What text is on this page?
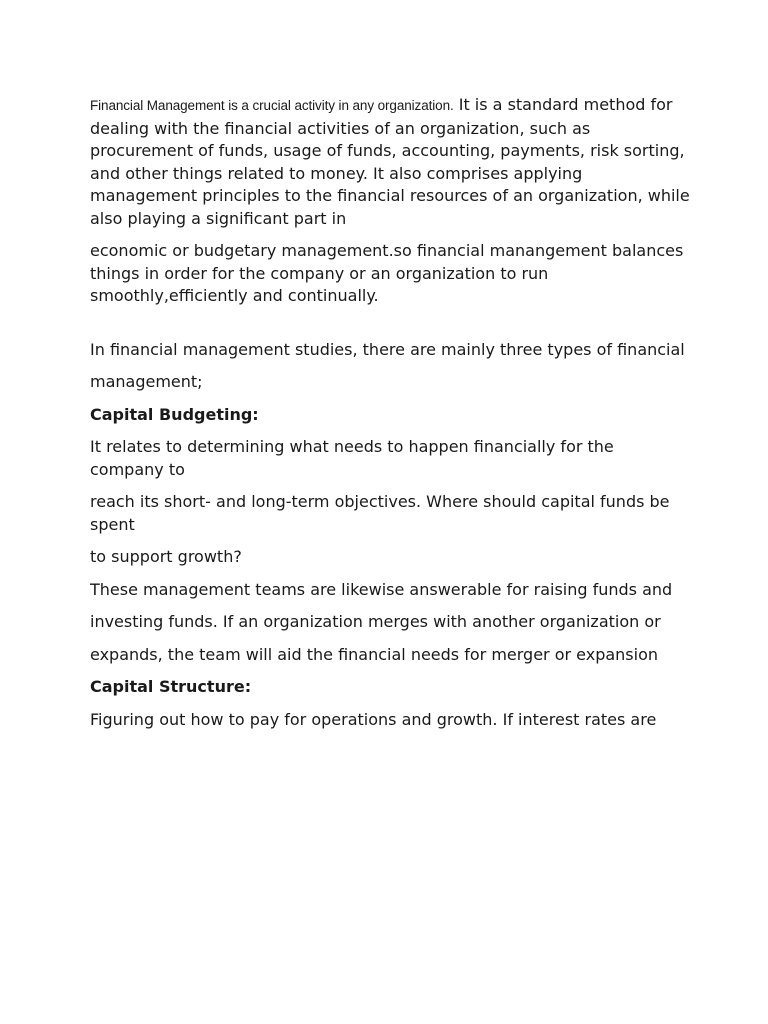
Financial Management is a crucial activity in any organization. It is a standard method for dealing with the financial activities of an organization, such as procurement of funds, usage of funds, accounting, payments, risk sorting, and other things related to money. It also comprises applying management principles to the financial resources of an organization, while also playing a significant part in

economic or budgetary management.so financial manangement balances things in order for the company or an organization to run smoothly,efficiently and continually.

In financial management studies, there are mainly three types of financial

management;

Capital Budgeting:

It relates to determining what needs to happen financially for the company to

reach its short- and long-term objectives. Where should capital funds be spent

to support growth?

These management teams are likewise answerable for raising funds and

investing funds. If an organization merges with another organization or

expands, the team will aid the financial needs for merger or expansion

Capital Structure:

Figuring out how to pay for operations and growth. If interest rates are
